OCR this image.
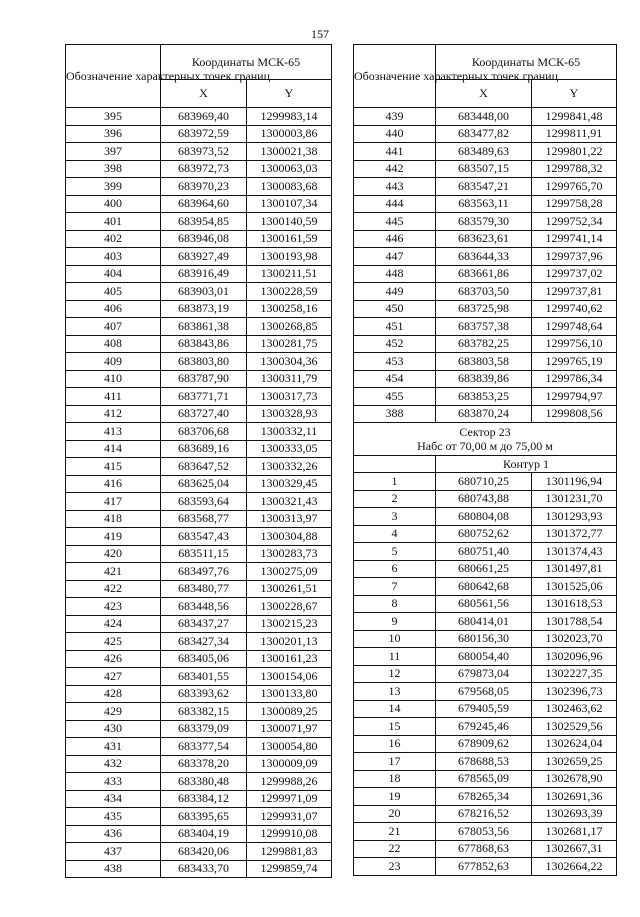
157
Обозначение характерных точек границ	Координаты МСК-65	
	X	Y
395	683969,40	1299983,14
396	683972,59	1300003,86
397	683973,52	1300021,38
398	683972,73	1300063,03
399	683970,23	1300083,68
400	683964,60	1300107,34
401	683954,85	1300140,59
402	683946,08	1300161,59
403	683927,49	1300193,98
404	683916,49	1300211,51
405	683903,01	1300228,59
406	683873,19	1300258,16
407	683861,38	1300268,85
408	683843,86	1300281,75
409	683803,80	1300304,36
410	683787,90	1300311,79
411	683771,71	1300317,73
412	683727,40	1300328,93
413	683706,68	1300332,11
414	683689,16	1300333,05
415	683647,52	1300332,26
416	683625,04	1300329,45
417	683593,64	1300321,43
418	683568,77	1300313,97
419	683547,43	1300304,88
420	683511,15	1300283,73
421	683497,76	1300275,09
422	683480,77	1300261,51
423	683448,56	1300228,67
424	683437,27	1300215,23
425	683427,34	1300201,13
426	683405,06	1300161,23
427	683401,55	1300154,06
428	683393,62	1300133,80
429	683382,15	1300089,25
430	683379,09	1300071,97
431	683377,54	1300054,80
432	683378,20	1300009,09
433	683380,48	1299988,26
434	683384,12	1299971,09
435	683395,65	1299931,07
436	683404,19	1299910,08
437	683420,06	1299881,83
438	683433,70	1299859,74
Обозначение характерных точек границ	Координаты МСК-65	
	X	Y
439	683448,00	1299841,48
440	683477,82	1299811,91
441	683489,63	1299801,22
442	683507,15	1299788,32
443	683547,21	1299765,70
444	683563,11	1299758,28
445	683579,30	1299752,34
446	683623,61	1299741,14
447	683644,33	1299737,96
448	683661,86	1299737,02
449	683703,50	1299737,81
450	683725,98	1299740,62
451	683757,38	1299748,64
452	683782,25	1299756,10
453	683803,58	1299765,19
454	683839,86	1299786,34
455	683853,25	1299794,97
388	683870,24	1299808,56

Сектор 23
Набс от 70,00 м до 75,00 м		

	Контур 1	
1	680710,25	1301196,94
2	680743,88	1301231,70
3	680804,08	1301293,93
4	680752,62	1301372,77
5	680751,40	1301374,43
6	680661,25	1301497,81
7	680642,68	1301525,06
8	680561,56	1301618,53
9	680414,01	1301788,54
10	680156,30	1302023,70
11	680054,40	1302096,96
12	679873,04	1302227,35
13	679568,05	1302396,73
14	679405,59	1302463,62
15	679245,46	1302529,56
16	678909,62	1302624,04
17	678688,53	1302659,25
18	678565,09	1302678,90
19	678265,34	1302691,36
20	678216,52	1302693,39
21	678053,56	1302681,17
22	677868,63	1302667,31
23	677852,63	1302664,22
